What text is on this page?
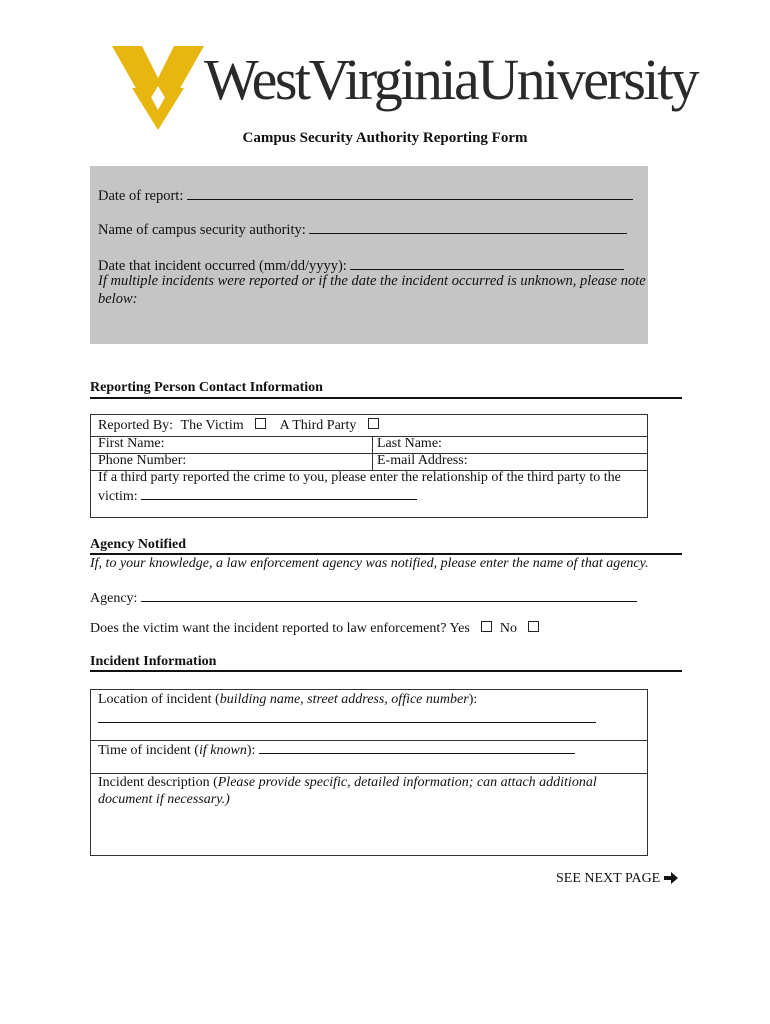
WestVirginiaUniversity
Campus Security Authority Reporting Form
Date of report:
Name of campus security authority:
Date that incident occurred (mm/dd/yyyy):
If multiple incidents were reported or if the date the incident occurred is unknown, please note below:
Reporting Person Contact Information
Reported By: The Victim	A Third Party
First Name:	Last Name:
Phone Number:	E-mail Address:
If a third party reported the crime to you, please enter the relationship of the third party to the
victim:
Agency Notified
If, to your knowledge, a law enforcement agency was notified, please enter the name of that agency.
Agency:
Does the victim want the incident reported to law enforcement? Yes No
Incident Information
Location of incident (building name, street address, office number):
Time of incident (if known):
Incident description (Please provide specific, detailed information; can attach additional
document if necessary.)
SEE NEXT PAGE
